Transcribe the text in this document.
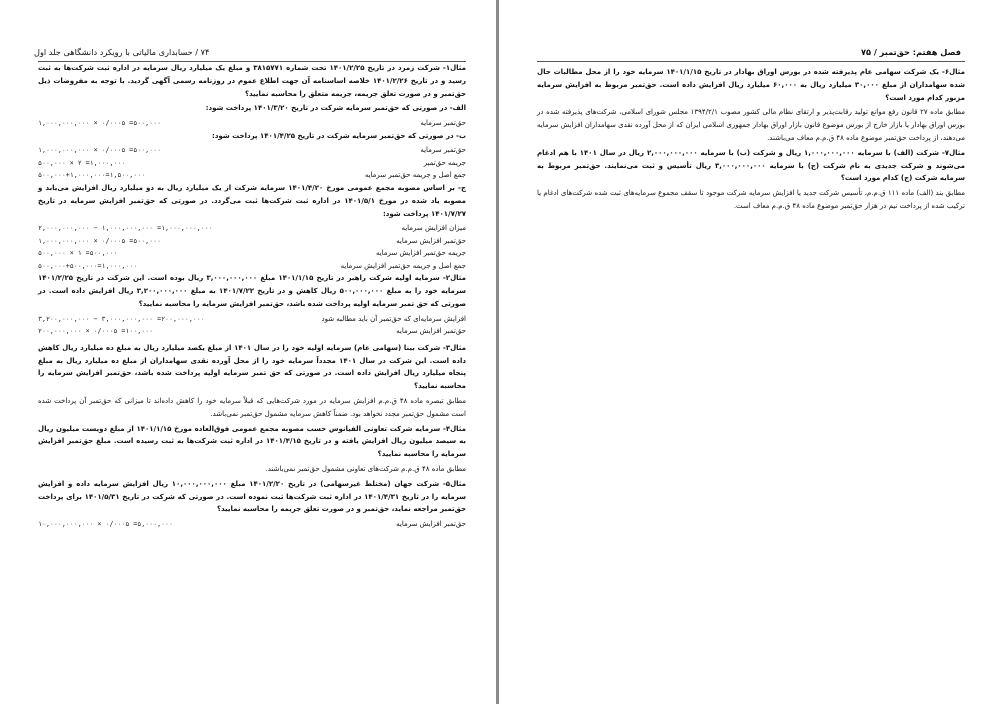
۷۴ / حسابداری مالیاتی با رویکرد دانشگاهی جلد اول

مثال۱- شرکت زمرد در تاریخ ۱۴۰۱/۲/۲۵ تحت شماره ۳۸۱۵۷۷۱ و مبلغ یک میلیارد ریال سرمایه در اداره ثبت شرکت‌ها به ثبت رسید و در تاریخ ۱۴۰۱/۲/۲۶ خلاصه اساسنامه آن جهت اطلاع عموم در روزنامه رسمی آگهی گردید. با توجه به مفروضات ذیل حق‌تمبر و در صورت تعلق جریمه، جریمه متعلق را محاسبه نمایید؟

الف- در صورتی که حق‌تمبر سرمایه شرکت در تاریخ ۱۴۰۱/۳/۲۰ پرداخت شود:

حق‌تمبر سرمایه
۱,۰۰۰,۰۰۰,۰۰۰ × ۰/۰۰۰۵ =۵۰۰,۰۰۰

ب- در صورتی که حق‌تمبر سرمایه شرکت در تاریخ ۱۴۰۱/۴/۲۵ پرداخت شود:

حق‌تمبر سرمایه
۱,۰۰۰,۰۰۰,۰۰۰ × ۰/۰۰۰۵ =۵۰۰,۰۰۰
جریمه حق‌تمبر
۵۰۰,۰۰۰ × ۲ =۱,۰۰۰,۰۰۰
جمع اصل و جریمه حق‌تمبر سرمایه
۵۰۰,۰۰۰+۱,۰۰۰,۰۰۰=۱,۵۰۰,۰۰۰

ج- بر اساس مصوبه مجمع عمومی مورخ ۱۴۰۱/۴/۲۰ سرمایه شرکت از یک میلیارد ریال به دو میلیارد ریال افزایش می‌یابد و مصوبه یاد شده در مورخ ۱۴۰۱/۵/۱ در اداره ثبت شرکت‌ها ثبت می‌گردد. در صورتی که حق‌تمبر افزایش سرمایه در تاریخ ۱۴۰۱/۷/۲۷ پرداخت شود:

میزان افزایش سرمایه
۲,۰۰۰,۰۰۰,۰۰۰ − ۱,۰۰۰,۰۰۰,۰۰۰ =۱,۰۰۰,۰۰۰,۰۰۰
حق‌تمبر افزایش سرمایه
۱,۰۰۰,۰۰۰,۰۰۰ × ۰/۰۰۰۵ =۵۰۰,۰۰۰
جریمه حق‌تمبر افزایش سرمایه
۵۰۰,۰۰۰ × ۱ =۵۰۰,۰۰۰
جمع اصل و جریمه حق‌تمبر افزایش سرمایه
۵۰۰,۰۰۰+۵۰۰,۰۰۰=۱,۰۰۰,۰۰۰

مثال۲- سرمایه اولیه شرکت راهبر در تاریخ ۱۴۰۱/۱/۱۵ مبلغ ۳,۰۰۰,۰۰۰,۰۰۰ ریال بوده است. این شرکت در تاریخ ۱۴۰۱/۲/۲۵ سرمایه خود را به مبلغ ۵۰۰,۰۰۰,۰۰۰ ریال کاهش و در تاریخ ۱۴۰۱/۷/۲۲ به مبلغ ۳,۲۰۰,۰۰۰,۰۰۰ ریال افزایش داده است. در صورتی که حق تمبر سرمایه اولیه پرداخت شده باشد، حق‌تمبر افزایش سرمایه را محاسبه نمایید؟

افزایش سرمایه‌ای که حق‌تمبر آن باید مطالبه شود
۳,۲۰۰,۰۰۰,۰۰۰ − ۳,۰۰۰,۰۰۰,۰۰۰ =۲۰۰,۰۰۰,۰۰۰
حق‌تمبر افزایش سرمایه
۲۰۰,۰۰۰,۰۰۰ × ۰/۰۰۰۵ =۱۰۰,۰۰۰

مثال۳- شرکت بینا (سهامی عام) سرمایه اولیه خود را در سال ۱۴۰۱ از مبلغ یکصد میلیارد ریال به مبلغ ده میلیارد ریال کاهش داده است. این شرکت در سال ۱۴۰۱ مجدداً سرمایه خود را از محل آورده نقدی سهامداران از مبلغ ده میلیارد ریال به مبلغ پنجاه میلیارد ریال افزایش داده است. در صورتی که حق تمبر سرمایه اولیه پرداخت شده باشد، حق‌تمبر افزایش سرمایه را محاسبه نمایید؟

مطابق تبصره ماده ۴۸ ق.م.م افزایش سرمایه در مورد شرکت‌هایی که قبلاً سرمایه خود را کاهش داده‌اند تا میزانی که حق‌تمبر آن پرداخت شده است مشمول حق‌تمبر مجدد نخواهد بود. ضمناً کاهش سرمایه مشمول حق‌تمبر نمی‌باشد.

مثال۴- سرمایه شرکت تعاونی الفیانوس حسب مصوبه مجمع عمومی فوق‌العاده مورخ ۱۴۰۱/۱/۱۵ از مبلغ دویست میلیون ریال به سیصد میلیون ریال افزایش یافته و در تاریخ ۱۴۰۱/۴/۱۵ در اداره ثبت شرکت‌ها به ثبت رسیده است. مبلغ حق‌تمبر افزایش سرمایه را محاسبه نمایید؟

مطابق ماده ۴۸ ق.م.م شرکت‌های تعاونی مشمول حق‌تمبر نمی‌باشند.

مثال۵- شرکت جهان (مختلط غیرسهامی) در تاریخ ۱۴۰۱/۲/۲۰ مبلغ ۱۰,۰۰۰,۰۰۰,۰۰۰ ریال افزایش سرمایه داده و افزایش سرمایه را در تاریخ ۱۴۰۱/۴/۳۱ در اداره ثبت شرکت‌ها ثبت نموده است. در صورتی که شرکت در تاریخ ۱۴۰۱/۵/۳۱ برای پرداخت حق‌تمبر مراجعه نماید، حق‌تمبر و در صورت تعلق جریمه را محاسبه نمایید؟

حق‌تمبر افزایش سرمایه
۱۰,۰۰۰,۰۰۰,۰۰۰ × ۰/۰۰۰۵ =۵,۰۰۰,۰۰۰
فصل هفتم: حق‌تمبر / ۷۵

مثال۶- یک شرکت سهامی عام پذیرفته شده در بورس اوراق بهادار در تاریخ ۱۴۰۱/۱/۱۵ سرمایه خود را از محل مطالبات حال شده سهامداران از مبلغ ۳۰,۰۰۰ میلیارد ریال به ۶۰,۰۰۰ میلیارد ریال افزایش داده است. حق‌تمبر مربوط به افزایش سرمایه مزبور کدام مورد است؟

مطابق ماده ۲۷ قانون رفع موانع تولید رقابت‌پذیر و ارتقای نظام مالی کشور مصوب ۱۳۹۴/۲/۱ مجلس شورای اسلامی، شرکت‌های پذیرفته شده در بورس اوراق بهادار یا بازار خارج از بورس موضوع قانون بازار اوراق بهادار جمهوری اسلامی ایران که از محل آورده نقدی سهامداران افزایش سرمایه می‌دهند، از پرداخت حق‌تمبر موضوع ماده ۴۸ ق.م.م معاف می‌باشند.

مثال۷- شرکت (الف) با سرمایه ۱,۰۰۰,۰۰۰,۰۰۰ ریال و شرکت (ب) با سرمایه ۲,۰۰۰,۰۰۰,۰۰۰ ریال در سال ۱۴۰۱ با هم ادغام می‌شوند و شرکت جدیدی به نام شرکت (ج) با سرمایه ۳,۰۰۰,۰۰۰,۰۰۰ ریال تأسیس و ثبت می‌نمایند. حق‌تمبر مربوط به سرمایه شرکت (ج) کدام مورد است؟

مطابق بند (الف) ماده ۱۱۱ ق.م.م، تأسیس شرکت جدید یا افزایش سرمایه شرکت موجود تا سقف مجموع سرمایه‌های ثبت شده شرکت‌های ادغام یا ترکیب شده از پرداخت نیم در هزار حق‌تمبر موضوع ماده ۴۸ ق.م.م معاف است.
